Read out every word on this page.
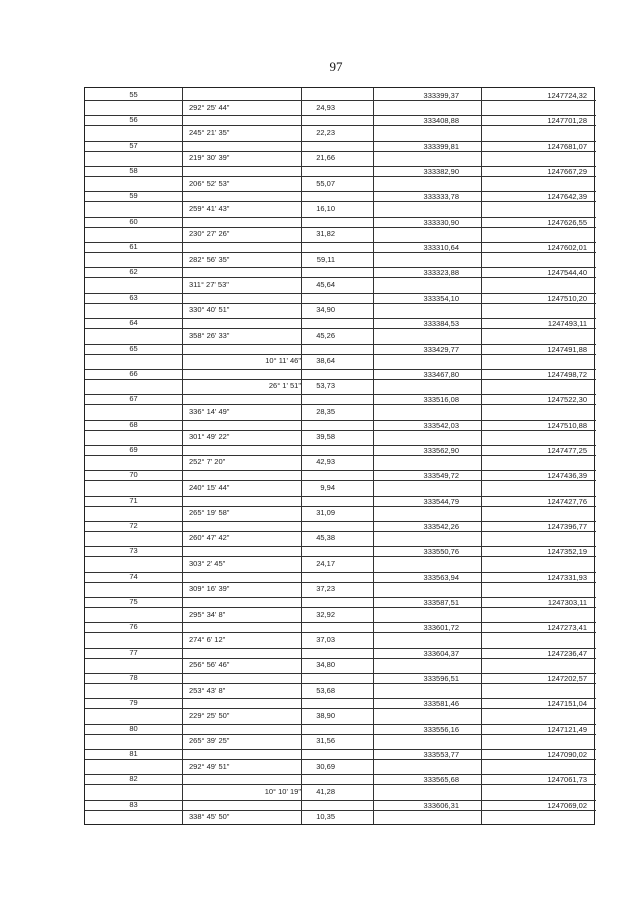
97
55	333399,37	1247724,32
292° 25' 44"	24,93
56	333408,88	1247701,28
245° 21' 35"	22,23
57	333399,81	1247681,07
219° 30' 39"	21,66
58	333382,90	1247667,29
206° 52' 53"	55,07
59	333333,78	1247642,39
259° 41' 43"	16,10
60	333330,90	1247626,55
230° 27' 26"	31,82
61	333310,64	1247602,01
282° 56' 35"	59,11
62	333323,88	1247544,40
311° 27' 53"	45,64
63	333354,10	1247510,20
330° 40' 51"	34,90
64	333384,53	1247493,11
358° 26' 33"	45,26
65	333429,77	1247491,88
10° 11' 46"	38,64
66	333467,80	1247498,72
26° 1' 51"	53,73
67	333516,08	1247522,30
336° 14' 49"	28,35
68	333542,03	1247510,88
301° 49' 22"	39,58
69	333562,90	1247477,25
252° 7' 20"	42,93
70	333549,72	1247436,39
240° 15' 44"	9,94
71	333544,79	1247427,76
265° 19' 58"	31,09
72	333542,26	1247396,77
260° 47' 42"	45,38
73	333550,76	1247352,19
303° 2' 45"	24,17
74	333563,94	1247331,93
309° 16' 39"	37,23
75	333587,51	1247303,11
295° 34' 8"	32,92
76	333601,72	1247273,41
274° 6' 12"	37,03
77	333604,37	1247236,47
256° 56' 46"	34,80
78	333596,51	1247202,57
253° 43' 8"	53,68
79	333581,46	1247151,04
229° 25' 50"	38,90
80	333556,16	1247121,49
265° 39' 25"	31,56
81	333553,77	1247090,02
292° 49' 51"	30,69
82	333565,68	1247061,73
10° 10' 19"	41,28
83	333606,31	1247069,02
338° 45' 50"	10,35
